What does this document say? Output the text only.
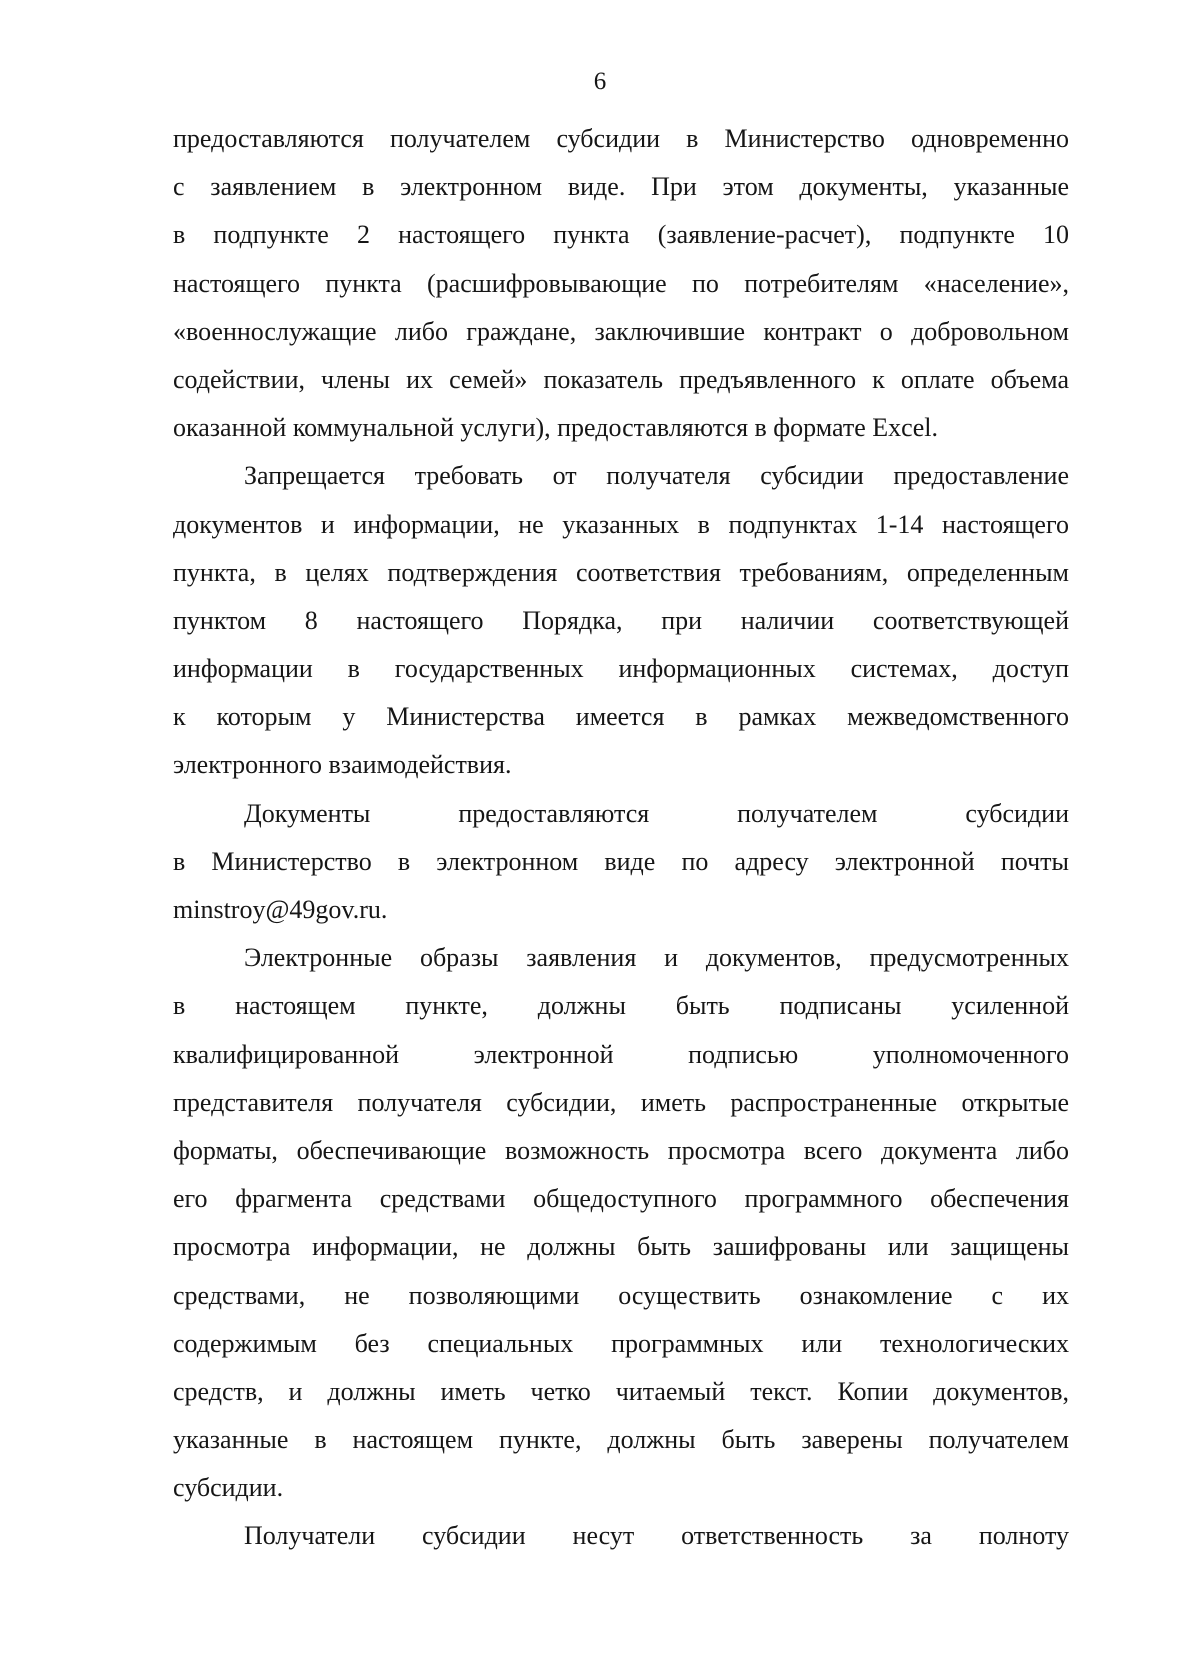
6
предоставляются получателем субсидии в Министерство одновременно
с заявлением в электронном виде. При этом документы, указанные
в подпункте 2 настоящего пункта (заявление-расчет), подпункте 10
настоящего пункта (расшифровывающие по потребителям «население»,
«военнослужащие либо граждане, заключившие контракт о добровольном
содействии, члены их семей» показатель предъявленного к оплате объема
оказанной коммунальной услуги), предоставляются в формате Excel.
Запрещается требовать от получателя субсидии предоставление
документов и информации, не указанных в подпунктах 1-14 настоящего
пункта, в целях подтверждения соответствия требованиям, определенным
пунктом 8 настоящего Порядка, при наличии соответствующей
информации в государственных информационных системах, доступ
к которым у Министерства имеется в рамках межведомственного
электронного взаимодействия.
Документы предоставляются получателем субсидии
в Министерство в электронном виде по адресу электронной почты
minstroy@49gov.ru.
Электронные образы заявления и документов, предусмотренных
в настоящем пункте, должны быть подписаны усиленной
квалифицированной электронной подписью уполномоченного
представителя получателя субсидии, иметь распространенные открытые
форматы, обеспечивающие возможность просмотра всего документа либо
его фрагмента средствами общедоступного программного обеспечения
просмотра информации, не должны быть зашифрованы или защищены
средствами, не позволяющими осуществить ознакомление с их
содержимым без специальных программных или технологических
средств, и должны иметь четко читаемый текст. Копии документов,
указанные в настоящем пункте, должны быть заверены получателем
субсидии.
Получатели субсидии несут ответственность за полноту
